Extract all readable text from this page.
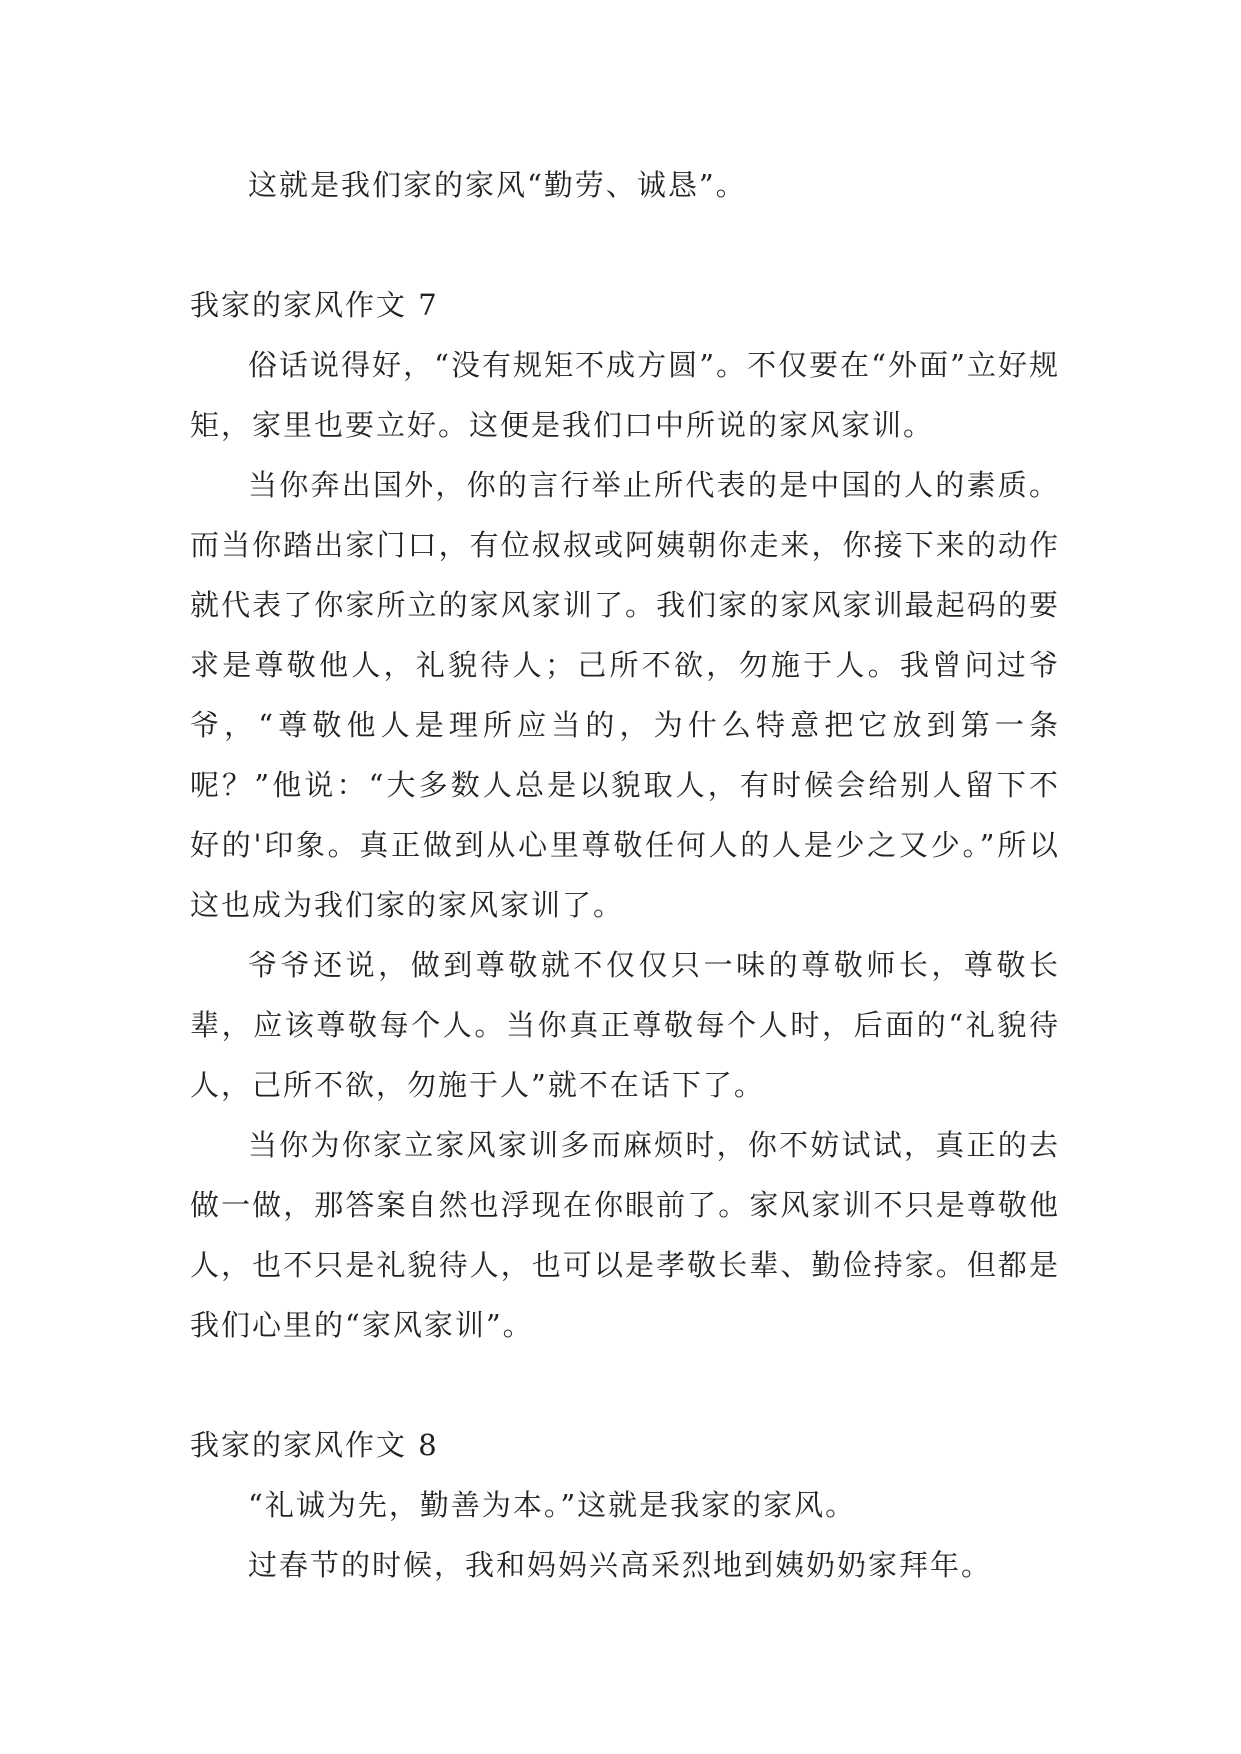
这就是我们家的家风“勤劳、诚恳”。

我家的家风作文 7

俗话说得好，“没有规矩不成方圆”。不仅要在“外面”立好规矩，家里也要立好。这便是我们口中所说的家风家训。

当你奔出国外，你的言行举止所代表的是中国的人的素质。而当你踏出家门口，有位叔叔或阿姨朝你走来，你接下来的动作就代表了你家所立的家风家训了。我们家的家风家训最起码的要求是尊敬他人，礼貌待人；己所不欲，勿施于人。我曾问过爷爷，“尊敬他人是理所应当的，为什么特意把它放到第一条呢？”他说：“大多数人总是以貌取人，有时候会给别人留下不好的'印象。真正做到从心里尊敬任何人的人是少之又少。”所以这也成为我们家的家风家训了。

爷爷还说，做到尊敬就不仅仅只一味的尊敬师长，尊敬长辈，应该尊敬每个人。当你真正尊敬每个人时，后面的“礼貌待人，己所不欲，勿施于人”就不在话下了。

当你为你家立家风家训多而麻烦时，你不妨试试，真正的去做一做，那答案自然也浮现在你眼前了。家风家训不只是尊敬他人，也不只是礼貌待人，也可以是孝敬长辈、勤俭持家。但都是我们心里的“家风家训”。

我家的家风作文 8

“礼诚为先，勤善为本。”这就是我家的家风。

过春节的时候，我和妈妈兴高采烈地到姨奶奶家拜年。
